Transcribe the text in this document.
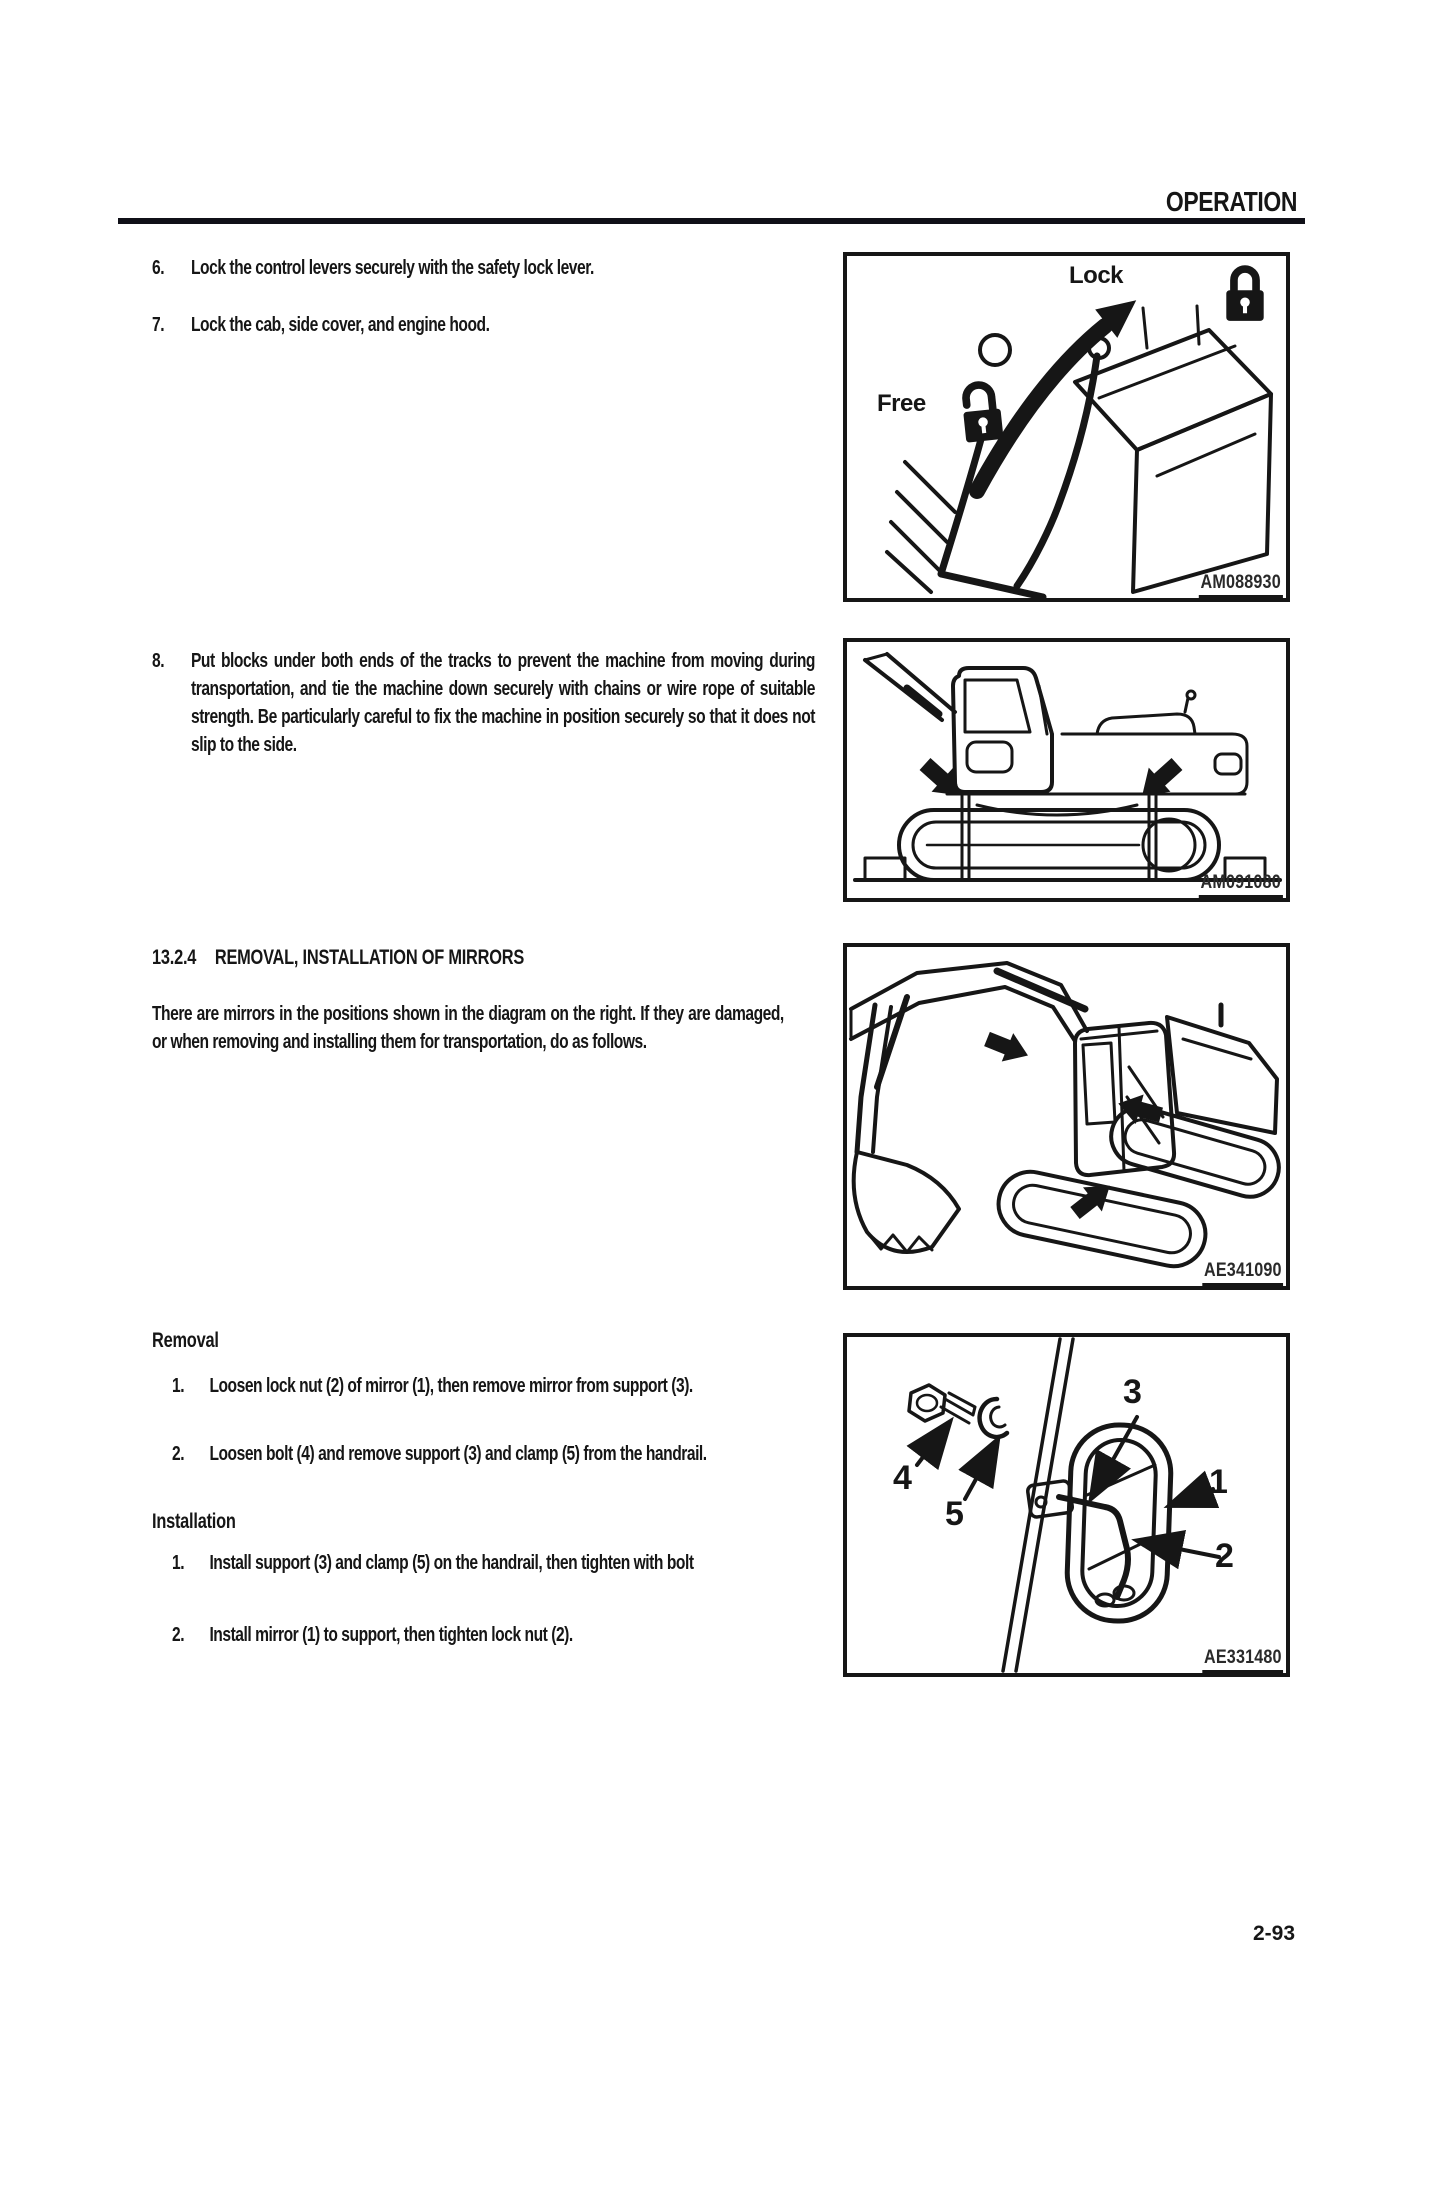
OPERATION
6.	Lock the control levers securely with the safety lock lever.
7.	Lock the cab, side cover, and engine hood.
8.	Put blocks under both ends of the tracks to prevent the machine from moving during transportation, and tie the machine down securely with chains or wire rope of suitable strength. Be particularly careful to fix the machine in position securely so that it does not slip to the side.
13.2.4 REMOVAL, INSTALLATION OF MIRRORS
There are mirrors in the positions shown in the diagram on the right. If they are damaged, or when removing and installing them for transportation, do as follows.
Removal
1.	Loosen lock nut (2) of mirror (1), then remove mirror from support (3).
2.	Loosen bolt (4) and remove support (3) and clamp (5) from the handrail.
Installation
1.	Install support (3) and clamp (5) on the handrail, then tighten with bolt
2.	Install mirror (1) to support, then tighten lock nut (2).
Lock
Free
AM088930
AM091080
AE341090
4
5
3
1
2
AE331480
2-93
